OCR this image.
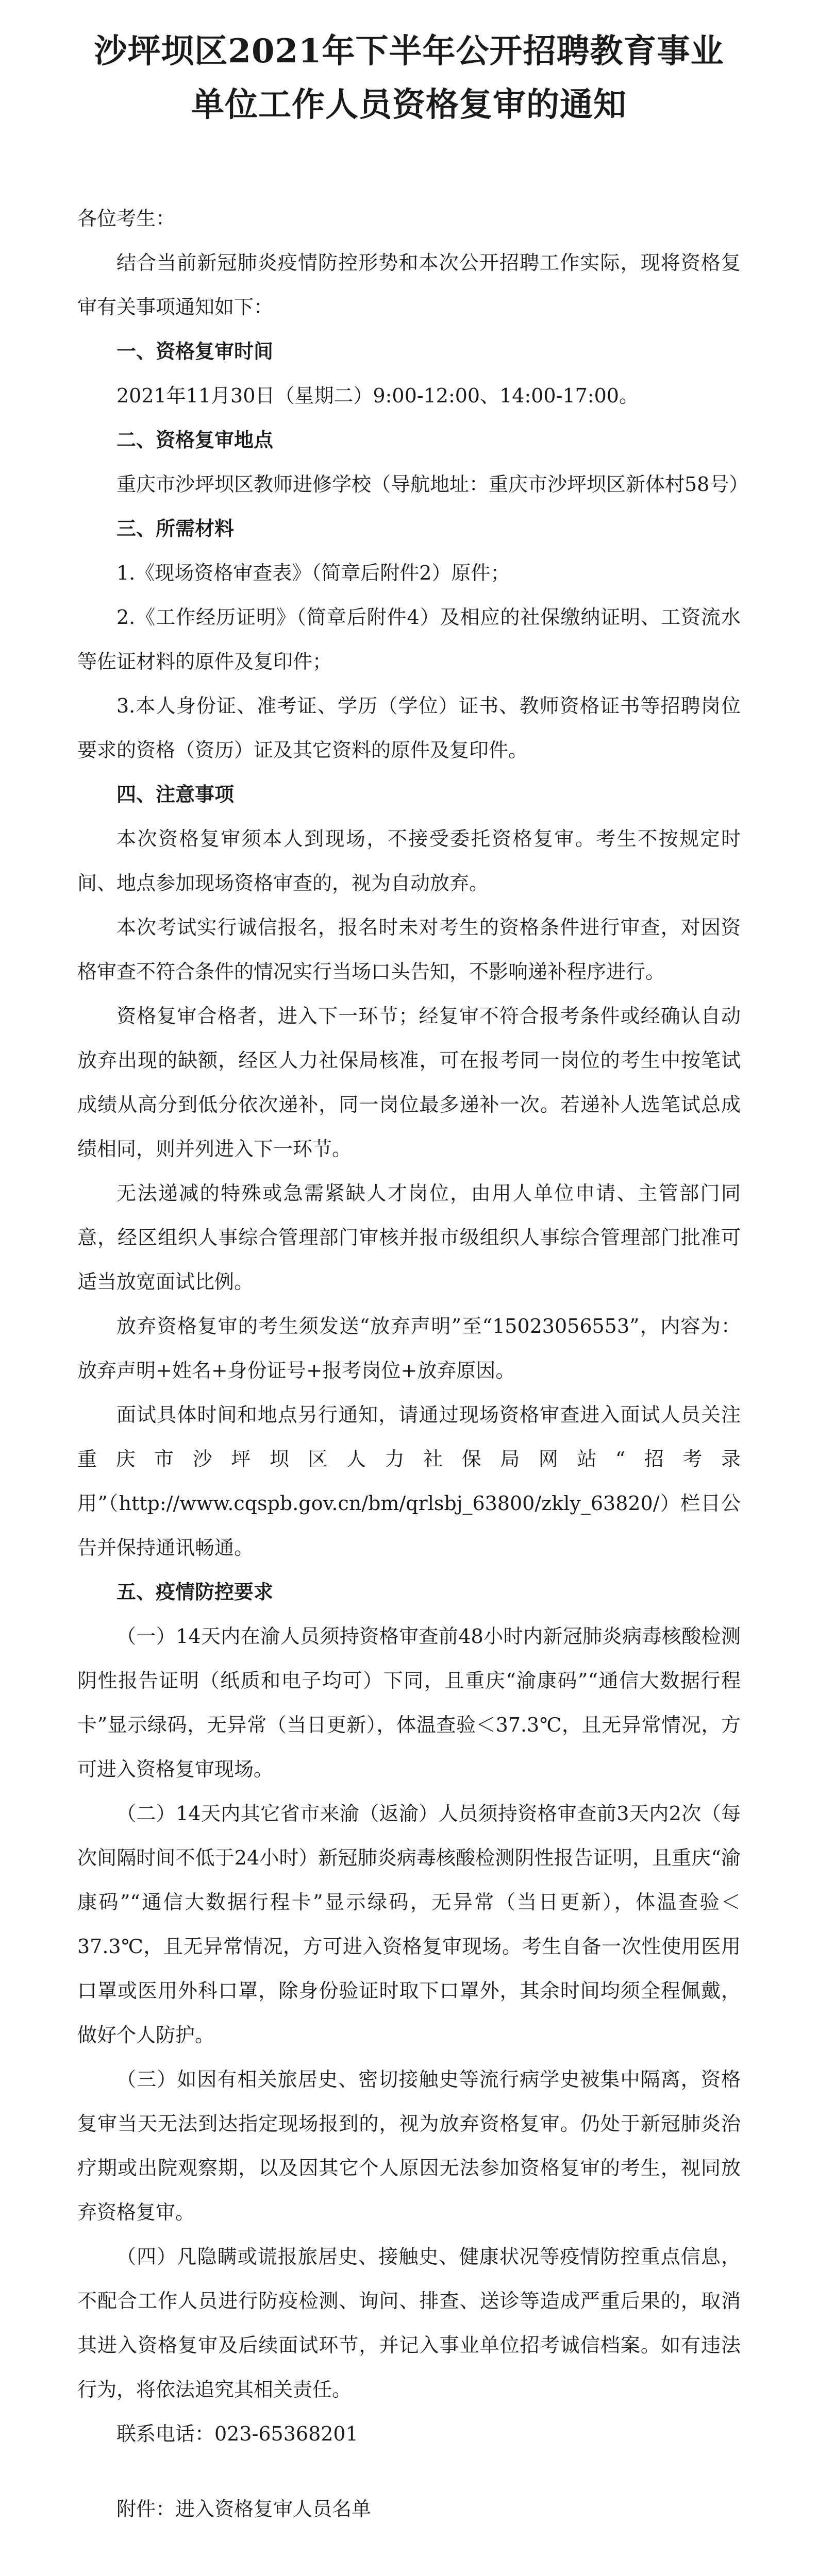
沙坪坝区2021年下半年公开招聘教育事业
单位工作人员资格复审的通知
各位考生：

结合当前新冠肺炎疫情防控形势和本次公开招聘工作实际，现将资格复审有关事项通知如下：

一、资格复审时间

2021年11月30日（星期二）9:00-12:00、14:00-17:00。

二、资格复审地点

重庆市沙坪坝区教师进修学校（导航地址：重庆市沙坪坝区新体村58号）

三、所需材料

1.《现场资格审查表》（简章后附件2）原件；

2.《工作经历证明》（简章后附件4）及相应的社保缴纳证明、工资流水等佐证材料的原件及复印件；

3.本人身份证、准考证、学历（学位）证书、教师资格证书等招聘岗位要求的资格（资历）证及其它资料的原件及复印件。

四、注意事项

本次资格复审须本人到现场，不接受委托资格复审。考生不按规定时间、地点参加现场资格审查的，视为自动放弃。

本次考试实行诚信报名，报名时未对考生的资格条件进行审查，对因资格审查不符合条件的情况实行当场口头告知，不影响递补程序进行。

资格复审合格者，进入下一环节；经复审不符合报考条件或经确认自动放弃出现的缺额，经区人力社保局核准，可在报考同一岗位的考生中按笔试成绩从高分到低分依次递补，同一岗位最多递补一次。若递补人选笔试总成绩相同，则并列进入下一环节。

无法递减的特殊或急需紧缺人才岗位，由用人单位申请、主管部门同意，经区组织人事综合管理部门审核并报市级组织人事综合管理部门批准可适当放宽面试比例。

放弃资格复审的考生须发送“放弃声明”至“15023056553”，内容为：放弃声明+姓名+身份证号+报考岗位+放弃原因。

面试具体时间和地点另行通知，请通过现场资格审查进入面试人员关注重庆市沙坪坝区人力社保局网站“招考录用”（http://www.cqspb.gov.cn/bm/qrlsbj_63800/zkly_63820/）栏目公告并保持通讯畅通。

五、疫情防控要求

（一）14天内在渝人员须持资格审查前48小时内新冠肺炎病毒核酸检测阴性报告证明（纸质和电子均可）下同，且重庆“渝康码”“通信大数据行程卡”显示绿码，无异常（当日更新），体温查验＜37.3℃，且无异常情况，方可进入资格复审现场。

（二）14天内其它省市来渝（返渝）人员须持资格审查前3天内2次（每次间隔时间不低于24小时）新冠肺炎病毒核酸检测阴性报告证明，且重庆“渝康码”“通信大数据行程卡”显示绿码，无异常（当日更新），体温查验＜37.3℃，且无异常情况，方可进入资格复审现场。考生自备一次性使用医用口罩或医用外科口罩，除身份验证时取下口罩外，其余时间均须全程佩戴，做好个人防护。

（三）如因有相关旅居史、密切接触史等流行病学史被集中隔离，资格复审当天无法到达指定现场报到的，视为放弃资格复审。仍处于新冠肺炎治疗期或出院观察期，以及因其它个人原因无法参加资格复审的考生，视同放弃资格复审。

（四）凡隐瞒或谎报旅居史、接触史、健康状况等疫情防控重点信息，不配合工作人员进行防疫检测、询问、排查、送诊等造成严重后果的，取消其进入资格复审及后续面试环节，并记入事业单位招考诚信档案。如有违法行为，将依法追究其相关责任。

联系电话：023-65368201

附件：进入资格复审人员名单
